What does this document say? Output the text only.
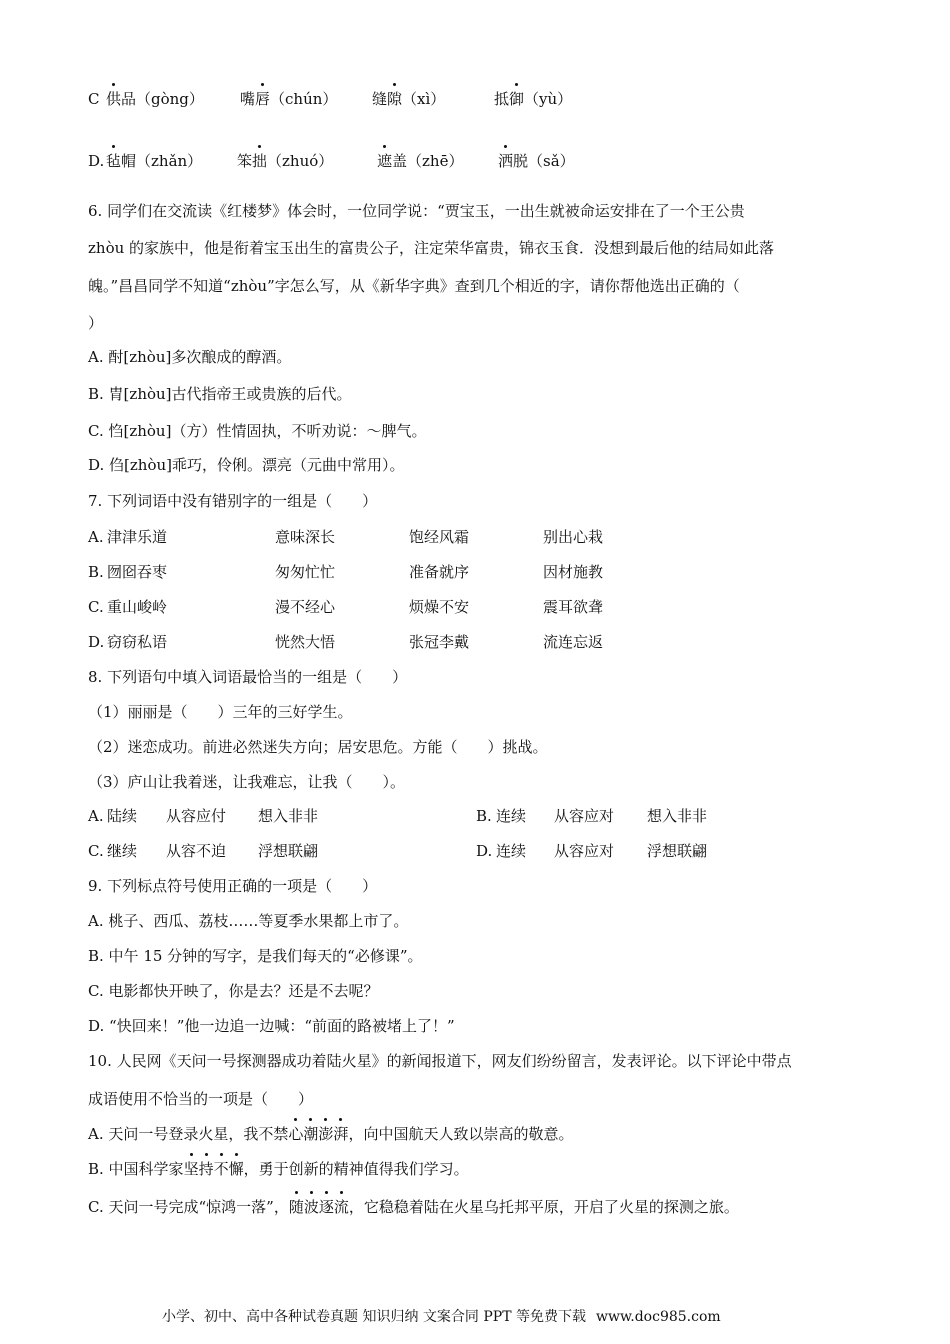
C 供品（gòng） 嘴唇（chún） 缝隙（xì）	抵御（yù）
D. 毡帽（zhǎn） 笨拙（zhuó）	遮盖（zhē） 洒脱（sǎ）
6. 同学们在交流读《红楼梦》体会时，一位同学说：“贾宝玉，一出生就被命运安排在了一个王公贵
zhòu 的家族中，他是衔着宝玉出生的富贵公子，注定荣华富贵，锦衣玉食．没想到最后他的结局如此落
魄。”昌昌同学不知道“zhòu”字怎么写，从《新华字典》查到几个相近的字，请你帮他选出正确的（
）
A. 酎[zhòu]多次酿成的醇酒。
B. 胄[zhòu]古代指帝王或贵族的后代。
C. 㤘[zhòu]（方）性情固执，不听劝说：～脾气。
D. 㑇[zhòu]乖巧，伶俐。漂亮（元曲中常用）。
7. 下列词语中没有错别字的一组是（　　）
A. 津津乐道	意味深长	饱经风霜	别出心栽
B. 囫囵吞枣	匆匆忙忙	准备就序	因材施教
C. 重山峻岭	漫不经心	烦燥不安	震耳欲聋
D. 窃窃私语	恍然大悟	张冠李戴	流连忘返
8. 下列语句中填入词语最恰当的一组是（　　）
（1）丽丽是（　　）三年的三好学生。
（2）迷恋成功。前进必然迷失方向；居安思危。方能（　　）挑战。
（3）庐山让我着迷，让我难忘，让我（　　）。
A. 陆续 从容应付 想入非非	B. 连续 从容应对 想入非非
C. 继续 从容不迫 浮想联翩	D. 连续 从容应对 浮想联翩
9. 下列标点符号使用正确的一项是（　　）
A. 桃子、西瓜、荔枝……等夏季水果都上市了。
B. 中午 15 分钟的写字，是我们每天的“必修课”。
C. 电影都快开映了，你是去？还是不去呢？
D. “快回来！”他一边追一边喊：“前面的路被堵上了！”
10. 人民网《天问一号探测器成功着陆火星》的新闻报道下，网友们纷纷留言，发表评论。以下评论中带点
成语使用不恰当的一项是（　　）
A. 天问一号登录火星，我不禁心潮澎湃，向中国航天人致以崇高的敬意。
B. 中国科学家坚持不懈，勇于创新的精神值得我们学习。
C. 天问一号完成“惊鸿一落”，随波逐流，它稳稳着陆在火星乌托邦平原，开启了火星的探测之旅。
小学、初中、高中各种试卷真题 知识归纳 文案合同 PPT 等免费下载 www.doc985.com
